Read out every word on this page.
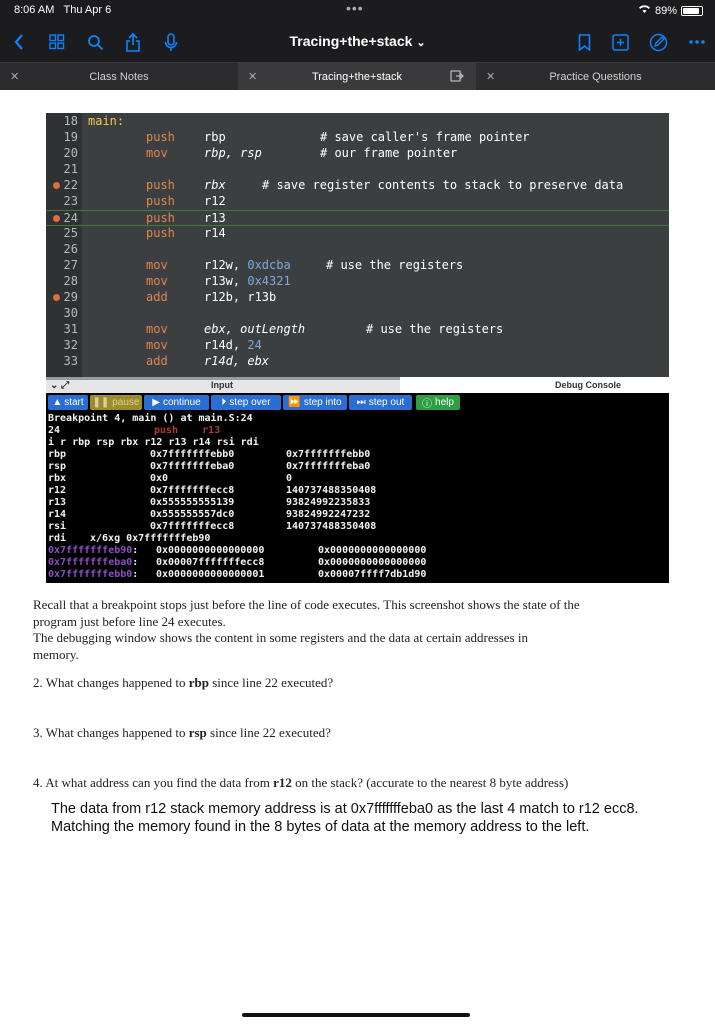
8:06 AM Thu Apr 6	•••	89%
Tracing+the+stack ⌄
✕	Class Notes	✕	Tracing+the+stack	✕	Practice Questions
18 main:
19	push rbp	# save caller's frame pointer
20	mov	rbp, rsp	# our frame pointer
21
22	push rbx	# save register contents to stack to preserve data
23	push r12
24	push r13
25	push r14
26
27	mov	r12w, 0xdcba	# use the registers
28	mov	r13w, 0x4321
29	add	r12b, r13b
30
31	mov	ebx, outLength	# use the registers
32	mov	r14d, 24
33	add	r14d, ebx
⌄ ⤢	Input	Debug Console
▲ start ❚❚ pause	▶ continue	⏵ step over	⏩ step into	⏭ step out	ⓘ help
Breakpoint 4, main () at main.S:24
24	push    r13
i r rbp rsp rbx r12 r13 r14 rsi rdi
rbp	0x7fffffffebb0	0x7fffffffebb0
rsp	0x7fffffffeba0	0x7fffffffeba0
rbx	0x0	0
r12	0x7fffffffecc8	140737488350408
r13	0x555555555139	93824992235833
r14	0x555555557dc0	93824992247232
rsi	0x7fffffffecc8	140737488350408
rdi x/6xg 0x7fffffffeb90
0x7fffffffeb90: 0x0000000000000000	0x0000000000000000
0x7fffffffeba0: 0x00007fffffffecc8	0x0000000000000000
0x7fffffffebb0: 0x0000000000000001	0x00007ffff7db1d90
Recall that a breakpoint stops just before the line of code executes. This screenshot shows the state of the
program just before line 24 executes.
The debugging window shows the content in some registers and the data at certain addresses in
memory.
2. What changes happened to rbp since line 22 executed?
3. What changes happened to rsp since line 22 executed?
4. At what address can you find the data from r12 on the stack? (accurate to the nearest 8 byte address)
The data from r12 stack memory address is at 0x7fffffffeba0 as the last 4 match to r12 ecc8. Matching the memory found in the 8 bytes of data at the memory address to the left.
